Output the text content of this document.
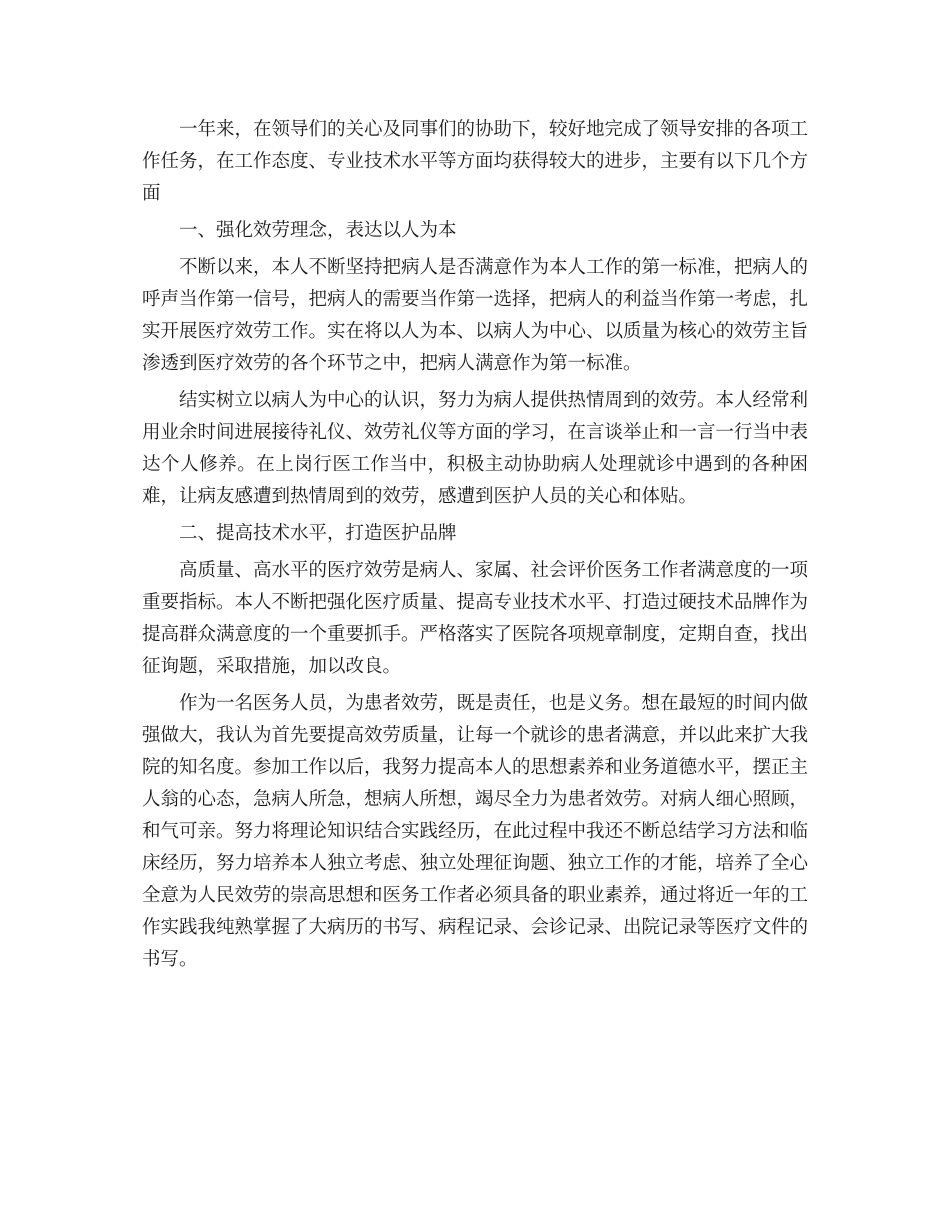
一年来，在领导们的关心及同事们的协助下，较好地完成了领导安排的各项工作任务，在工作态度、专业技术水平等方面均获得较大的进步，主要有以下几个方面

一、强化效劳理念，表达以人为本

不断以来，本人不断坚持把病人是否满意作为本人工作的第一标准，把病人的呼声当作第一信号，把病人的需要当作第一选择，把病人的利益当作第一考虑，扎实开展医疗效劳工作。实在将以人为本、以病人为中心、以质量为核心的效劳主旨渗透到医疗效劳的各个环节之中，把病人满意作为第一标准。

结实树立以病人为中心的认识，努力为病人提供热情周到的效劳。本人经常利用业余时间进展接待礼仪、效劳礼仪等方面的学习，在言谈举止和一言一行当中表达个人修养。在上岗行医工作当中，积极主动协助病人处理就诊中遇到的各种困难，让病友感遭到热情周到的效劳，感遭到医护人员的关心和体贴。

二、提高技术水平，打造医护品牌

高质量、高水平的医疗效劳是病人、家属、社会评价医务工作者满意度的一项重要指标。本人不断把强化医疗质量、提高专业技术水平、打造过硬技术品牌作为提高群众满意度的一个重要抓手。严格落实了医院各项规章制度，定期自查，找出征询题，采取措施，加以改良。

作为一名医务人员，为患者效劳，既是责任，也是义务。想在最短的时间内做强做大，我认为首先要提高效劳质量，让每一个就诊的患者满意，并以此来扩大我院的知名度。参加工作以后，我努力提高本人的思想素养和业务道德水平，摆正主人翁的心态，急病人所急，想病人所想，竭尽全力为患者效劳。对病人细心照顾，和气可亲。努力将理论知识结合实践经历，在此过程中我还不断总结学习方法和临床经历，努力培养本人独立考虑、独立处理征询题、独立工作的才能，培养了全心全意为人民效劳的崇高思想和医务工作者必须具备的职业素养，通过将近一年的工作实践我纯熟掌握了大病历的书写、病程记录、会诊记录、出院记录等医疗文件的书写。
